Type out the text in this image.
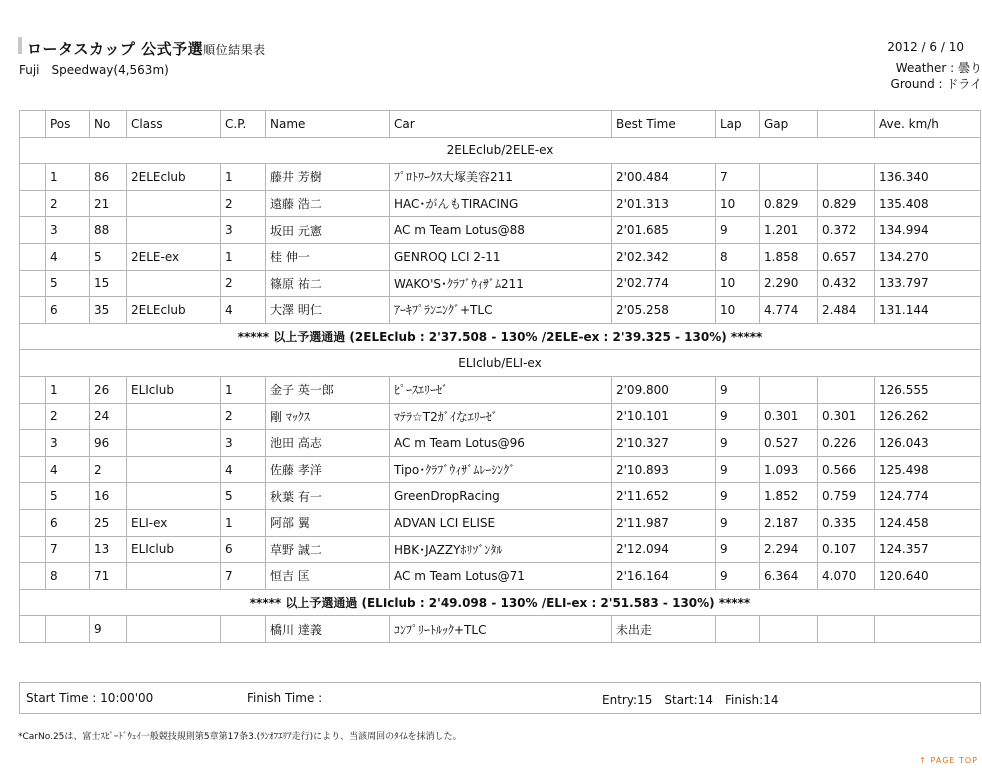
ロータスカップ 公式予選順位結果表
Fuji　Speedway(4,563m)
2012 / 6 / 10
Weather : 曇り
Ground : ドライ
	Pos	No	Class	C.P.	Name	Car	Best Time	Lap	Gap		Ave. km/h
2ELEclub/2ELE-ex											
	1	86	2ELEclub	1	藤井 芳樹	ﾌﾟﾛﾄﾜｰｸｽ大塚美容211	2'00.484	7			136.340
	2	21		2	遠藤 浩二	HAC･がんもTIRACING	2'01.313	10	0.829	0.829	135.408
	3	88		3	坂田 元憲	AC m Team Lotus@88	2'01.685	9	1.201	0.372	134.994
	4	5	2ELE-ex	1	桂 伸一	GENROQ LCI 2-11	2'02.342	8	1.858	0.657	134.270
	5	15		2	篠原 祐二	WAKO'S･ｸﾗﾌﾞｳｨｻﾞﾑ211	2'02.774	10	2.290	0.432	133.797
	6	35	2ELEclub	4	大澤 明仁	ｱｰｷﾌﾟﾗﾝﾆﾝｸﾞ+TLC	2'05.258	10	4.774	2.484	131.144
***** 以上予選通過 (2ELEclub : 2'37.508 - 130% /2ELE-ex : 2'39.325 - 130%) *****											
ELIclub/ELI-ex											
	1	26	ELIclub	1	金子 英一郎	ﾋﾟｰｽｴﾘｰｾﾞ	2'09.800	9			126.555
	2	24		2	剛 ﾏｯｸｽ	ﾏﾃﾗ☆T2ｶﾞｲなｴﾘｰｾﾞ	2'10.101	9	0.301	0.301	126.262
	3	96		3	池田 高志	AC m Team Lotus@96	2'10.327	9	0.527	0.226	126.043
	4	2		4	佐藤 孝洋	Tipo･ｸﾗﾌﾞｳｨｻﾞﾑﾚｰｼﾝｸﾞ	2'10.893	9	1.093	0.566	125.498
	5	16		5	秋葉 有一	GreenDropRacing	2'11.652	9	1.852	0.759	124.774
	6	25	ELI-ex	1	阿部 翼	ADVAN LCI ELISE	2'11.987	9	2.187	0.335	124.458
	7	13	ELIclub	6	草野 誠二	HBK･JAZZYﾎﾘｿﾞﾝﾀﾙ	2'12.094	9	2.294	0.107	124.357
	8	71		7	恒吉 匡	AC m Team Lotus@71	2'16.164	9	6.364	4.070	120.640
***** 以上予選通過 (ELIclub : 2'49.098 - 130% /ELI-ex : 2'51.583 - 130%) *****											
		9			橋川 達義	ｺﾝﾌﾟﾘｰﾄﾙｯｸ+TLC	未出走				
Start Time : 10:00'00	Finish Time :	Entry:15　Start:14　Finish:14
*CarNo.25は、富士ｽﾋﾟｰﾄﾞｳｪｲ一般競技規則第5章第17条3.(ﾗﾝｵﾌｴﾘｱ走行)により、当該周回のﾀｲﾑを抹消した。
↑ PAGE TOP
